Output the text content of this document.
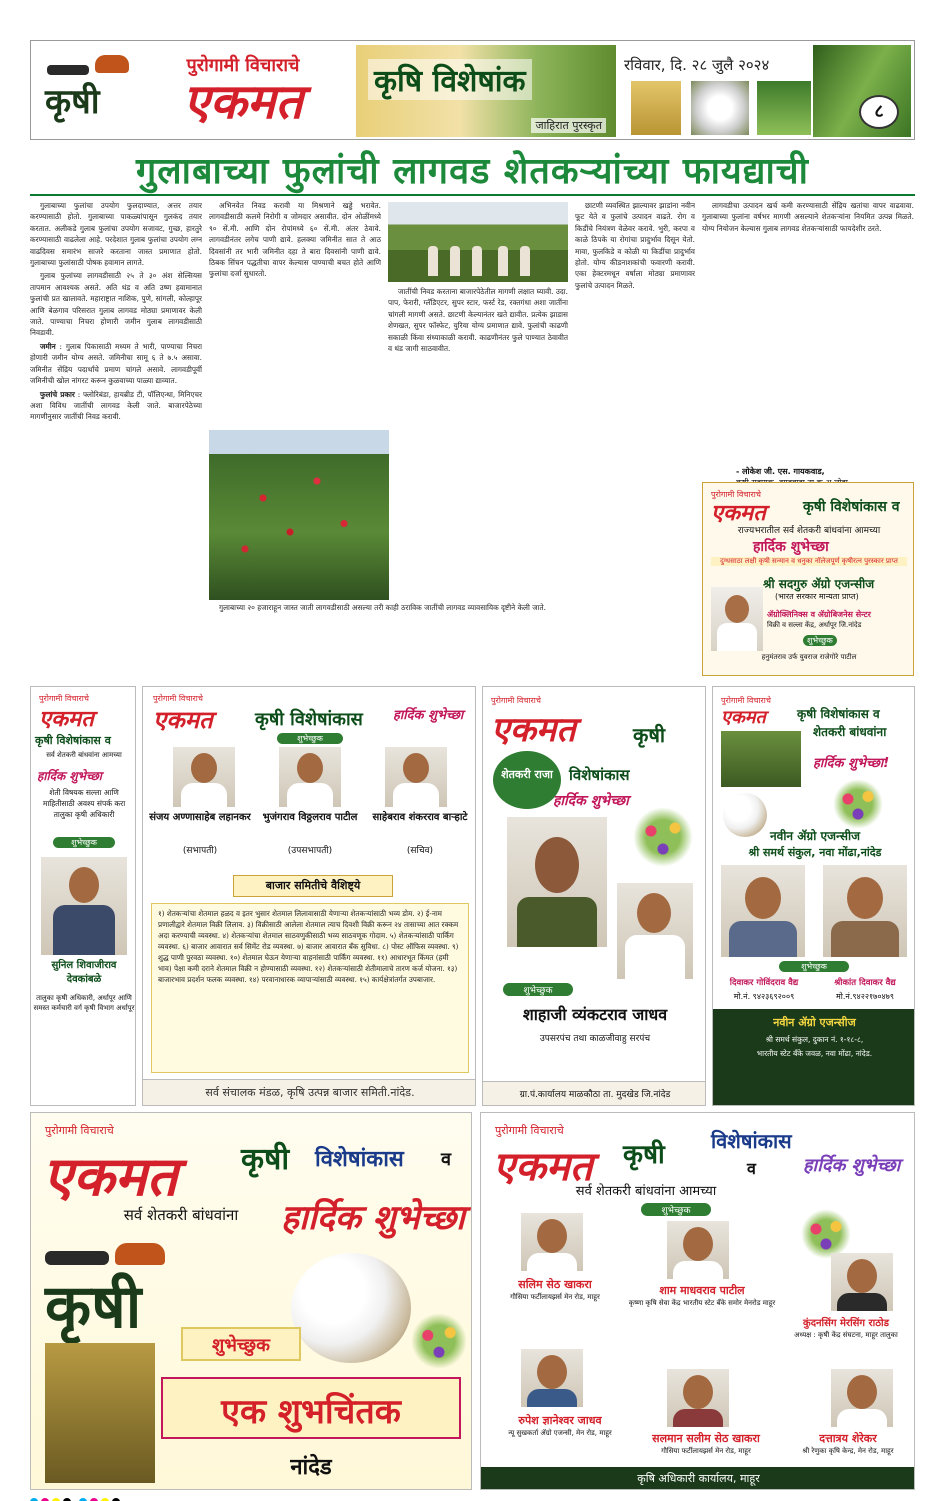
कृषी
पुरोगामी विचाराचे
एकमत	कृषि विशेषांक
जाहिरात पुरस्कृत
रविवार, दि. २८ जुलै २०२४
८
गुलाबाच्या फुलांची लागवड शेतकऱ्यांच्या फायद्याची

गुलाबाच्या फुलांचा उपयोग फुलदाण्यात, अत्तर तयार करण्यासाठी होतो. गुलाबाच्या पाकळ्यांपासून गुलकंद तयार करतात. अलीकडे गुलाब फुलांचा उपयोग सजावट, गुच्छ, हारतुरे करण्यासाठी वाढलेला आहे. परदेशात गुलाब फुलांचा उपयोग लग्न वाढदिवस समारंभ साजरे करताना जास्त प्रमाणात होतो. गुलाबाच्या फुलांसाठी पोषक हवामान लागते.

गुलाब फुलांच्या लागवडीसाठी २५ ते ३० अंश सेल्सियस तापमान आवश्यक असते. अति थंड व अति उष्ण हवामानात फुलांची प्रत खालावते. महाराष्ट्रात नाशिक, पुणे, सांगली, कोल्हापूर आणि बेळगाव परिसरात गुलाब लागवड मोठ्या प्रमाणावर केली जाते. पाण्याचा निचरा होणारी जमीन गुलाब लागवडीसाठी निवडावी.

जमीन : गुलाब पिकासाठी मध्यम ते भारी, पाण्याचा निचरा होणारी जमीन योग्य असते. जमिनीचा सामू ६ ते ७.५ असावा. जमिनीत सेंद्रिय पदार्थांचे प्रमाण चांगले असावे. लागवडीपूर्वी जमिनीची खोल नांगरट करून कुळवाच्या पाळ्या द्याव्यात.

फुलांचे प्रकार : फ्लोरिबंडा, हायब्रीड टी, पॉलिएन्था, मिनिएचर अशा विविध जातींची लागवड केली जाते. बाजारपेठेच्या मागणीनुसार जातींची निवड करावी.

अभिनवेत निवड करावी या मिश्रणाने खड्डे भरावेत. लागवडीसाठी कलमे निरोगी व जोमदार असावीत. दोन ओळींमध्ये ९० सें.मी. आणि दोन रोपांमध्ये ६० सें.मी. अंतर ठेवावे. लागवडीनंतर लगेच पाणी द्यावे. हलक्या जमिनीत सात ते आठ दिवसांनी तर भारी जमिनीत दहा ते बारा दिवसांनी पाणी द्यावे. ठिबक सिंचन पद्धतीचा वापर केल्यास पाण्याची बचत होते आणि फुलांचा दर्जा सुधारतो.

जातींची निवड करताना बाजारपेठेतील मागणी लक्षात घ्यावी. उदा. पाप, फेरारी, ग्लॅडिएटर, सुपर स्टार, फर्स्ट रेड, रक्तगंधा अशा जातींना चांगली मागणी असते. छाटणी केल्यानंतर खते द्यावीत. प्रत्येक झाडास शेणखत, सुपर फॉस्फेट, युरिया योग्य प्रमाणात द्यावे. फुलांची काढणी सकाळी किंवा संध्याकाळी करावी. काढणीनंतर फुले पाण्यात ठेवावीत व थंड जागी साठवावीत.

गुलाबाच्या २० हजाराहून जास्त जाती लागवडीसाठी असल्या तरी काही ठराविक जातींची लागवड व्यावसायिक दृष्टीने केली जाते.

छाटणी व्यवस्थित झाल्यावर झाडांना नवीन फूट येते व फुलांचे उत्पादन वाढते. रोग व किडींचे नियंत्रण वेळेवर करावे. भुरी, करपा व काळे ठिपके या रोगांचा प्रादुर्भाव दिसून येतो. मावा, फुलकिडे व कोळी या किडींचा प्रादुर्भाव होतो. योग्य कीडनाशकांची फवारणी करावी. एका हेक्टरमधून वर्षाला मोठ्या प्रमाणावर फुलांचे उत्पादन मिळते.

लागवडीचा उत्पादन खर्च कमी करण्यासाठी सेंद्रिय खतांचा वापर वाढवावा. गुलाबाच्या फुलांना वर्षभर मागणी असल्याने शेतकऱ्यांना नियमित उत्पन्न मिळते. योग्य नियोजन केल्यास गुलाब लागवड शेतकऱ्यांसाठी फायदेशीर ठरते.

- लोकेश जी. एस. गायकवाड,
पुरोगामी विचाराचे
एकमत	कृषी विशेषांकास व
राज्यभरातील सर्व शेतकरी बांधवांना आमच्या
हार्दिक शुभेच्छा
दुग्धसाठा लक्षी कृषी सन्मान व धनुका नॉलेजपूर्ण कृषीरत्न पुरस्कार प्राप्त
श्री सदगुरु ॲग्रो एजन्सीज
(भारत सरकार मान्यता प्राप्त)
ॲग्रोक्लिनिक्स व ॲग्रोबिजनेस सेन्टर
विक्री व सल्ला केंद्र, अर्धापूर जि.नांदेड
शुभेच्छुक
हनुमंतराव उर्फ युवराज राजेगोरे पाटील
पुरोगामी विचाराचे
एकमत
कृषी विशेषांकास व
सर्व शेतकरी बांधवांना आमच्या
हार्दिक शुभेच्छा
शेती विषयक सल्ला आणि माहितीसाठी अवश्य संपर्क करा तालुका कृषी अधिकारी
शुभेच्छुक
सुनिल शिवाजीराव देवकांबळे
तालुका कृषी अधिकारी, अर्धापूर आणि समस्त कर्मचारी वर्ग कृषी विभाग अर्धापूर
पुरोगामी विचाराचे
एकमत कृषी विशेषांकास हार्दिक शुभेच्छा
शुभेच्छुक
संजय अण्णासाहेब लहानकर
(सभापती)
भुजंगराव विठ्ठलराव पाटील
(उपसभापती)
साहेबराव शंकरराव बाऱ्हाटे
(सचिव)
बाजार समितीचे वैशिष्ट्ये
१) शेतकऱ्यांचा शेतमाल हळद व इतर भुसार शेतमाल लिलावासाठी येणाऱ्या शेतकऱ्यांसाठी भव्य डोम. २) ई-नाम प्रणालीद्वारे शेतमाल विक्री लिलाव. ३) विक्रीसाठी आलेला शेतमाल त्याच दिवशी विक्री करून २४ तासाच्या आत रक्कम अदा करण्याची व्यवस्था. ४) शेतकऱ्यांचा शेतमाल साठवणुकीसाठी भव्य साठवणूक गोदाम. ५) शेतकऱ्यांसाठी पार्किंग व्यवस्था. ६) बाजार आवारात सर्व सिमेंट रोड व्यवस्था. ७) बाजार आवारात बँक सुविधा. ८) पोस्ट ऑफिस व्यवस्था. ९) शुद्ध पाणी पुरवठा व्यवस्था. १०) शेतमाल घेऊन येणाऱ्या वाहनांसाठी पार्किंग व्यवस्था. ११) आधारभूत किंमत (हमी भाव) पेक्षा कमी दराने शेतमाल विक्री न होण्यासाठी व्यवस्था. १२) शेतकऱ्यांसाठी शेतीमालाचे तारण कर्ज योजना. १३) बाजारभाव प्रदर्शन फलक व्यवस्था. १४) परवानाधारक व्यापाऱ्यांसाठी व्यवस्था. १५) कार्यक्षेत्रांतर्गत उपबाजार.
सर्व संचालक मंडळ, कृषि उत्पन्न बाजार समिती.नांदेड.
पुरोगामी विचाराचे
एकमत	कृषी
शेतकरी राजा	विशेषांकास
हार्दिक शुभेच्छा
शुभेच्छुक
शाहाजी व्यंकटराव जाधव
उपसरपंच तथा काळजीवाहु सरपंच
ग्रा.पं.कार्यालय माळकौठा ता. मुदखेड जि.नांदेड
पुरोगामी विचाराचे
एकमत	कृषी विशेषांकास व
शेतकरी बांधवांना
हार्दिक शुभेच्छा!
नवीन ॲग्रो एजन्सीज
श्री समर्थ संकुल, नवा मोंढा,नांदेड
शुभेच्छुक
दिवाकर गोविंदराव वैद्य
मो.नं. ९४२३६९२००९
श्रीकांत दिवाकर वैद्य
मो.नं.९४२२१७०४७९
नवीन ॲग्रो एजन्सीज
श्री समर्थ संकुल, दुकान नं. १-१८-८,
भारतीय स्टेट बँके जवळ, नवा मोंढा, नांदेड.
पुरोगामी विचाराचे
एकमत कृषी विशेषांकास व
सर्व शेतकरी बांधवांना	हार्दिक शुभेच्छा
कृषी
शुभेच्छुक
एक शुभचिंतक
नांदेड
पुरोगामी विचाराचे
एकमत कृषी विशेषांकास
व
सर्व शेतकरी बांधवांना आमच्या
हार्दिक शुभेच्छा
शुभेच्छुक
सलिम सेठ खाकरा
गौसिया फर्टीलायझर्स मेन रोड, माहूर	शाम माधवराव पाटील
कृष्णा कृषि सेवा केंद्र भारतीय स्टेट बँके समोर मेनरोड माहूर
कुंदनसिंग मेरसिंग राठोड
अध्यक्ष : कृषी केंद्र संघटना, माहूर तालुका
रुपेश ज्ञानेश्वर जाधव
न्यू सुखकर्ता ॲग्रो एजन्सी, मेन रोड, माहूर	सलमान सलीम सेठ खाकरा
गौसिया फर्टीलायझर्स मेन रोड, माहूर
दत्तात्रय शेरेकर
श्री रेणुका कृषि केन्द्र, मेन रोड, माहूर
कृषि अधिकारी कार्यालय, माहूर
